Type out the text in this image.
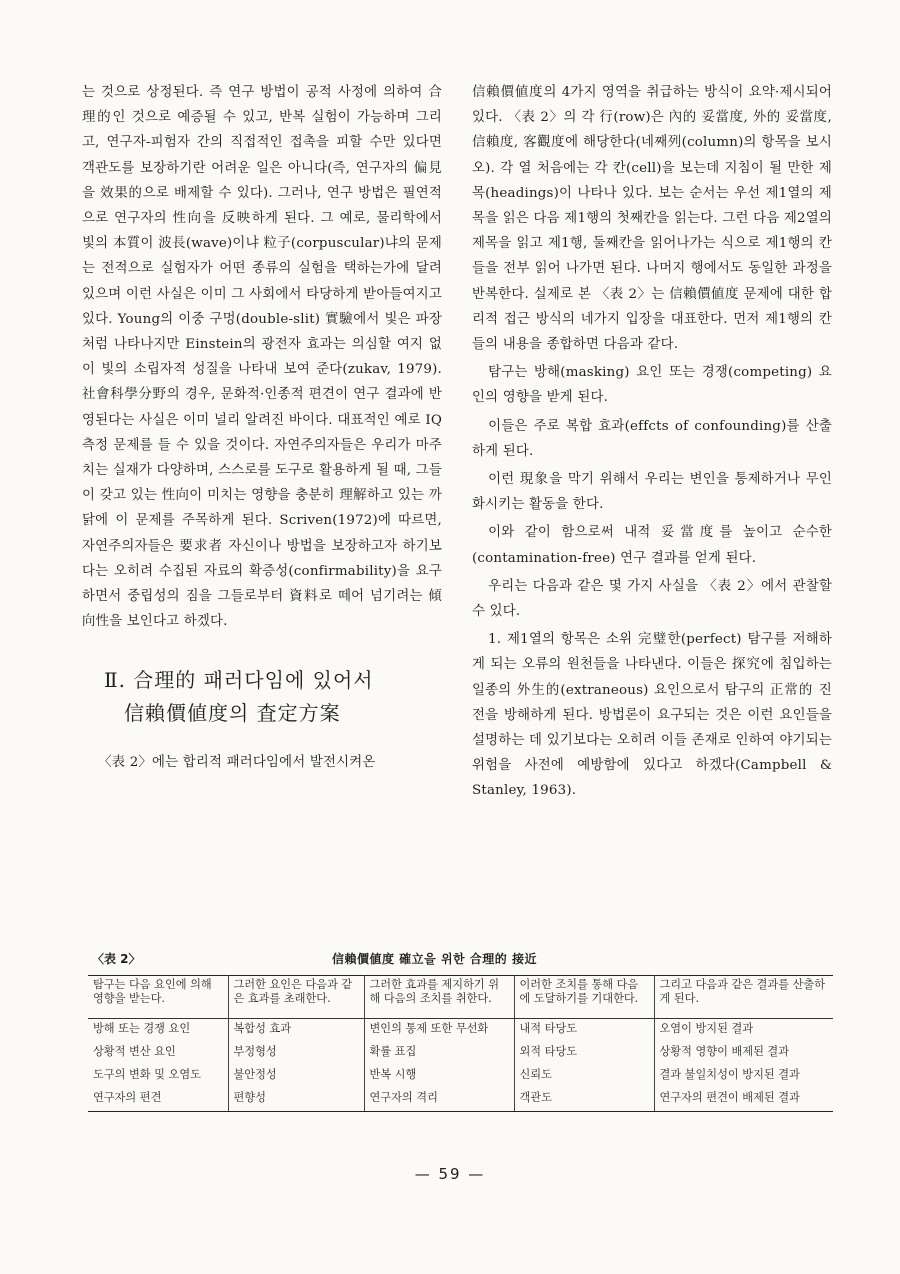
는 것으로 상정된다. 즉 연구 방법이 공적 사정에 의하여 合理的인 것으로 예증될 수 있고, 반복 실험이 가능하며 그리고, 연구자-피험자 간의 직접적인 접촉을 피할 수만 있다면 객관도를 보장하기란 어려운 일은 아니다(즉, 연구자의 偏見을 效果的으로 배제할 수 있다). 그러나, 연구 방법은 필연적으로 연구자의 性向을 反映하게 된다. 그 예로, 물리학에서 빛의 本質이 波長(wave)이냐 粒子(corpuscular)냐의 문제는 전적으로 실험자가 어떤 종류의 실험을 택하는가에 달려 있으며 이런 사실은 이미 그 사회에서 타당하게 받아들여지고 있다. Young의 이중 구멍(double-slit) 實驗에서 빛은 파장처럼 나타나지만 Einstein의 광전자 효과는 의심할 여지 없이 빛의 소립자적 성질을 나타내 보여 준다(zukav, 1979). 社會科學分野의 경우, 문화적·인종적 편견이 연구 결과에 반영된다는 사실은 이미 널리 알려진 바이다. 대표적인 예로 IQ측정 문제를 들 수 있을 것이다. 자연주의자들은 우리가 마주치는 실재가 다양하며, 스스로를 도구로 활용하게 될 때, 그들이 갖고 있는 性向이 미치는 영향을 충분히 理解하고 있는 까닭에 이 문제를 주목하게 된다. Scriven(1972)에 따르면, 자연주의자들은 要求者 자신이나 방법을 보장하고자 하기보다는 오히려 수집된 자료의 확증성(confirmability)을 요구하면서 중립성의 짐을 그들로부터 資料로 떼어 넘기려는 傾向性을 보인다고 하겠다.

Ⅱ. 合理的 패러다임에 있어서
信賴價値度의 査定方案

〈表 2〉에는 합리적 패러다임에서 발전시켜온

信賴價値度의 4가지 영역을 취급하는 방식이 요약·제시되어 있다. 〈表 2〉의 각 行(row)은 內的 妥當度, 外的 妥當度, 信賴度, 客觀度에 해당한다(네째列(column)의 항목을 보시오). 각 열 처음에는 각 칸(cell)을 보는데 지침이 될 만한 제목(headings)이 나타나 있다. 보는 순서는 우선 제1열의 제목을 읽은 다음 제1행의 첫째칸을 읽는다. 그런 다음 제2열의 제목을 읽고 제1행, 둘째칸을 읽어나가는 식으로 제1행의 칸들을 전부 읽어 나가면 된다. 나머지 행에서도 동일한 과정을 반복한다. 실제로 본 〈表 2〉는 信賴價値度 문제에 대한 합리적 접근 방식의 네가지 입장을 대표한다. 먼저 제1행의 칸들의 내용을 종합하면 다음과 같다.

탐구는 방해(masking) 요인 또는 경쟁(competing) 요인의 영향을 받게 된다.

이들은 주로 복합 효과(effcts of confounding)를 산출하게 된다.

이런 現象을 막기 위해서 우리는 변인을 통제하거나 무인화시키는 활동을 한다.

이와 같이 함으로써 내적 妥當度를 높이고 순수한(contamination-free) 연구 결과를 얻게 된다.

우리는 다음과 같은 몇 가지 사실을 〈表 2〉에서 관찰할 수 있다.

1. 제1열의 항목은 소위 完璧한(perfect) 탐구를 저해하게 되는 오류의 원천들을 나타낸다. 이들은 探究에 침입하는 일종의 外生的(extraneous) 요인으로서 탐구의 正常的 진전을 방해하게 된다. 방법론이 요구되는 것은 이런 요인들을 설명하는 데 있기보다는 오히려 이들 존재로 인하여 야기되는 위험을 사전에 예방함에 있다고 하겠다(Campbell & Stanley, 1963).

〈表 2〉	信賴價値度 確立을 위한 合理的 接近
탐구는 다음 요인에 의해 영향을 받는다.	그러한 요인은 다음과 같은 효과를 초래한다.	그러한 효과를 제지하기 위해 다음의 조치를 취한다.	이러한 조치를 통해 다음에 도달하기를 기대한다.	그리고 다음과 같은 결과를 산출하게 된다.
방해 또는 경쟁 요인	복합성 효과	변인의 통제 또한 무선화	내적 타당도	오염이 방지된 결과
상황적 변산 요인	부정형성	확률 표집	외적 타당도	상황적 영향이 배제된 결과
도구의 변화 및 오염도	불안정성	반복 시행	신뢰도	결과 불일치성이 방지된 결과
연구자의 편견	편향성	연구자의 격리	객관도	연구자의 편견이 배제된 결과
— 59 —
